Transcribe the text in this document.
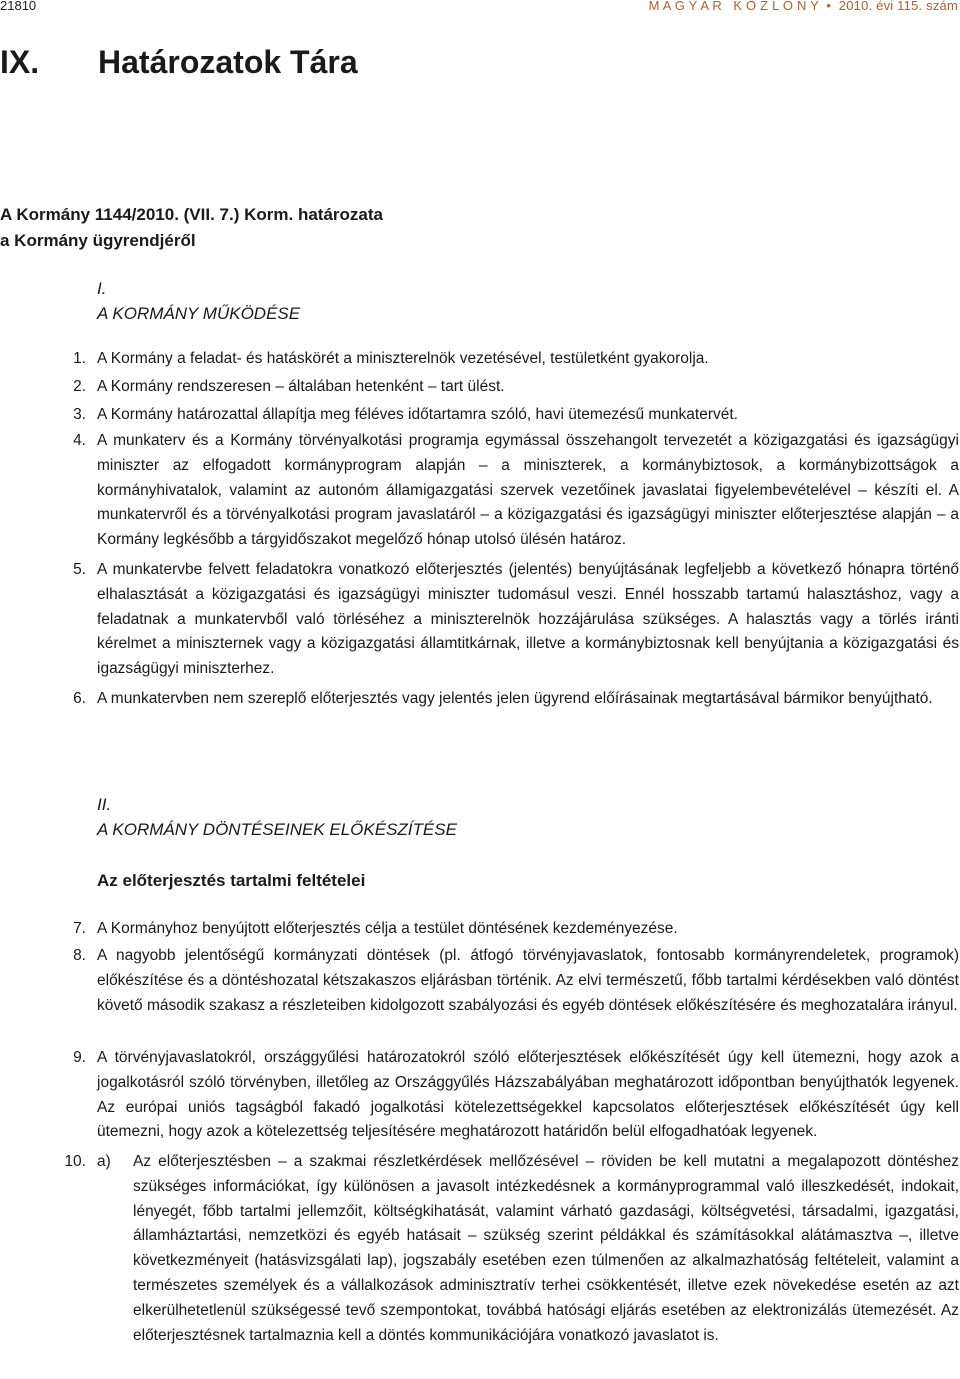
21810	M A G Y A R   K Ö Z L Ö N Y  •  2010. évi 115. szám
IX. Határozatok Tára
A Kormány 1144/2010. (VII. 7.) Korm. határozata
a Kormány ügyrendjéről
I.
A KORMÁNY MŰKÖDÉSE
1. A Kormány a feladat- és hatáskörét a miniszterelnök vezetésével, testületként gyakorolja.
2. A Kormány rendszeresen – általában hetenként – tart ülést.
3. A Kormány határozattal állapítja meg féléves időtartamra szóló, havi ütemezésű munkatervét.
4. A munkaterv és a Kormány törvényalkotási programja egymással összehangolt tervezetét a közigazgatási és igazságügyi miniszter az elfogadott kormányprogram alapján – a miniszterek, a kormánybiztosok, a kormánybizottságok a kormányhivatalok, valamint az autonóm államigazgatási szervek vezetőinek javaslatai figyelembevételével – készíti el. A munkatervről és a törvényalkotási program javaslatáról – a közigazgatási és igazságügyi miniszter előterjesztése alapján – a Kormány legkésőbb a tárgyidőszakot megelőző hónap utolsó ülésén határoz.
5. A munkatervbe felvett feladatokra vonatkozó előterjesztés (jelentés) benyújtásának legfeljebb a következő hónapra történő elhalasztását a közigazgatási és igazságügyi miniszter tudomásul veszi. Ennél hosszabb tartamú halasztáshoz, vagy a feladatnak a munkatervből való törléséhez a miniszterelnök hozzájárulása szükséges. A halasztás vagy a törlés iránti kérelmet a miniszternek vagy a közigazgatási államtitkárnak, illetve a kormánybiztosnak kell benyújtania a közigazgatási és igazságügyi miniszterhez.
6. A munkatervben nem szereplő előterjesztés vagy jelentés jelen ügyrend előírásainak megtartásával bármikor benyújtható.
II.
A KORMÁNY DÖNTÉSEINEK ELŐKÉSZÍTÉSE
Az előterjesztés tartalmi feltételei
7. A Kormányhoz benyújtott előterjesztés célja a testület döntésének kezdeményezése.
8. A nagyobb jelentőségű kormányzati döntések (pl. átfogó törvényjavaslatok, fontosabb kormányrendeletek, programok) előkészítése és a döntéshozatal kétszakaszos eljárásban történik. Az elvi természetű, főbb tartalmi kérdésekben való döntést követő második szakasz a részleteiben kidolgozott szabályozási és egyéb döntések előkészítésére és meghozatalára irányul.
9. A törvényjavaslatokról, országgyűlési határozatokról szóló előterjesztések előkészítését úgy kell ütemezni, hogy azok a jogalkotásról szóló törvényben, illetőleg az Országgyűlés Házszabályában meghatározott időpontban benyújthatók legyenek. Az európai uniós tagságból fakadó jogalkotási kötelezettségekkel kapcsolatos előterjesztések előkészítését úgy kell ütemezni, hogy azok a kötelezettség teljesítésére meghatározott határidőn belül elfogadhatóak legyenek.
10. a) Az előterjesztésben – a szakmai részletkérdések mellőzésével – röviden be kell mutatni a megalapozott döntéshez szükséges információkat, így különösen a javasolt intézkedésnek a kormányprogrammal való illeszkedését, indokait, lényegét, főbb tartalmi jellemzőit, költségkihatását, valamint várható gazdasági, költségvetési, társadalmi, igazgatási, államháztartási, nemzetközi és egyéb hatásait – szükség szerint példákkal és számításokkal alátámasztva –, illetve következményeit (hatásvizsgálati lap), jogszabály esetében ezen túlmenően az alkalmazhatóság feltételeit, valamint a természetes személyek és a vállalkozások adminisztratív terhei csökkentését, illetve ezek növekedése esetén az azt elkerülhetetlenül szükségessé tevő szempontokat, továbbá hatósági eljárás esetében az elektronizálás ütemezését. Az előterjesztésnek tartalmaznia kell a döntés kommunikációjára vonatkozó javaslatot is.
